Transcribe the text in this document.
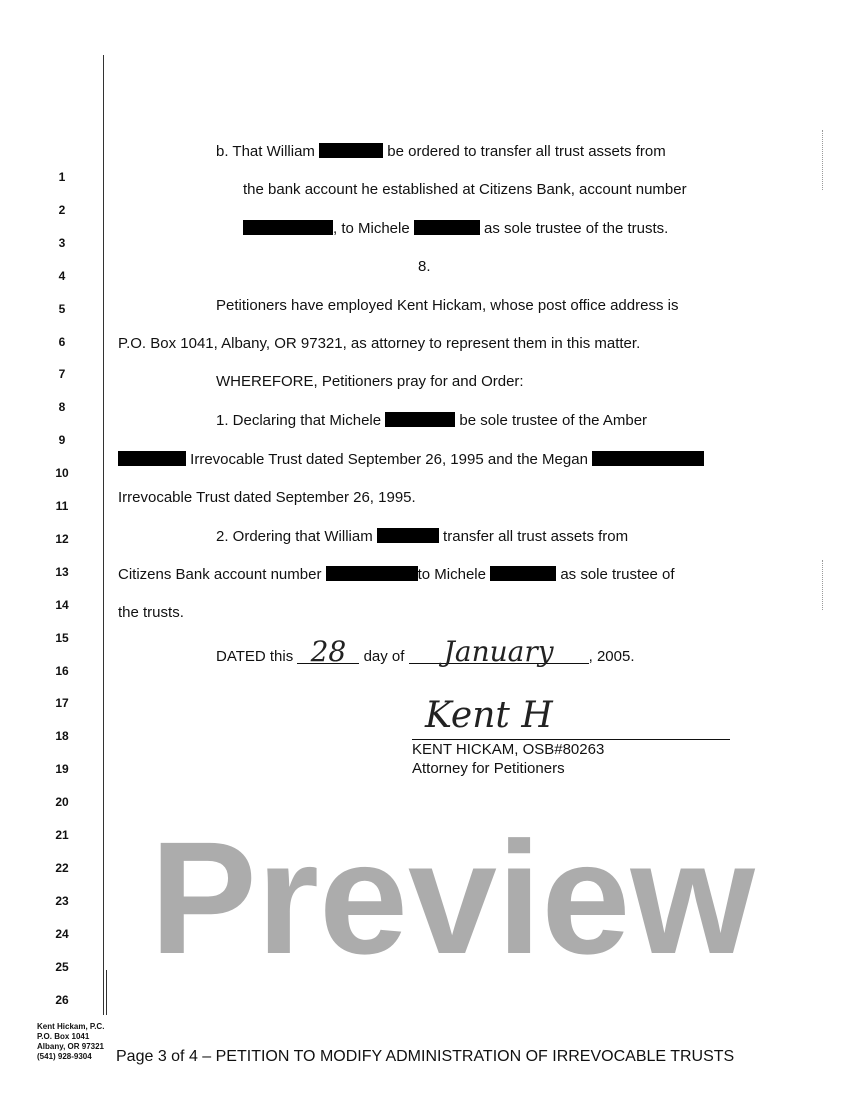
1
2
3
4
5
6
7
8
9
10
11
12
13
14
15
16
17
18
19
20
21
22
23
24
25
26
b. That William	be ordered to transfer all trust assets from
the bank account he established at Citizens Bank, account number
, to Michele	as sole trustee of the trusts.
8.
Petitioners have employed Kent Hickam, whose post office address is
P.O. Box 1041, Albany, OR 97321, as attorney to represent them in this matter.
WHEREFORE, Petitioners pray for and Order:
1. Declaring that Michele	be sole trustee of the Amber
Irrevocable Trust dated September 26, 1995 and the Megan
Irrevocable Trust dated September 26, 1995.
2. Ordering that William	transfer all trust assets from
Citizens Bank account number	to Michele	as sole trustee of
the trusts.
DATED this 28 day of January , 2005.
Kent H
KENT HICKAM, OSB#80263
Attorney for Petitioners
Preview
Kent Hickam, P.C.
P.O. Box 1041
Albany, OR 97321
(541) 928-9304	Page 3 of 4 – PETITION TO MODIFY ADMINISTRATION OF IRREVOCABLE TRUSTS
